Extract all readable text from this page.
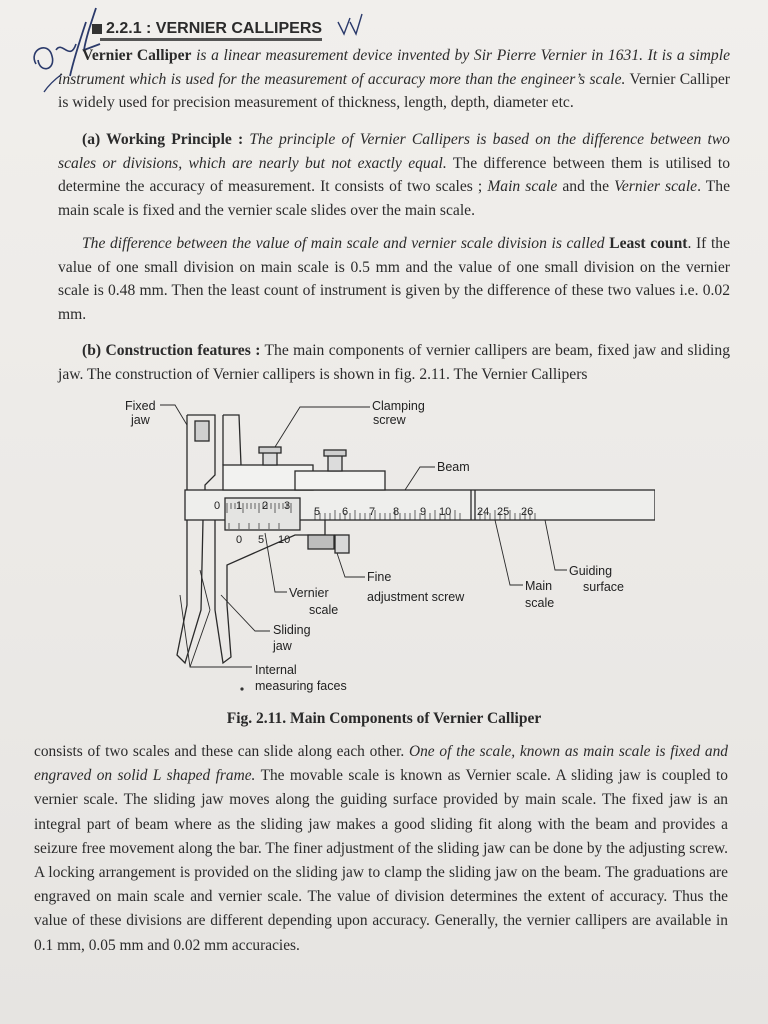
2.2.1 : VERNIER CALLIPERS
Vernier Calliper is a linear measurement device invented by Sir Pierre Vernier in 1631. It is a simple instrument which is used for the measurement of accuracy more than the engineer’s scale. Vernier Calliper is widely used for precision measurement of thickness, length, depth, diameter etc.
(a) Working Principle : The principle of Vernier Callipers is based on the difference between two scales or divisions, which are nearly but not exactly equal. The difference between them is utilised to determine the accuracy of measurement. It consists of two scales ; Main scale and the Vernier scale. The main scale is fixed and the vernier scale slides over the main scale.
The difference between the value of main scale and vernier scale division is called Least count. If the value of one small division on main scale is 0.5 mm and the value of one small division on the vernier scale is 0.48 mm. Then the least count of instrument is given by the difference of these two values i.e. 0.02 mm.
(b) Construction features : The main components of vernier callipers are beam, fixed jaw and sliding jaw. The construction of Vernier callipers is shown in fig. 2.11. The Vernier Callipers
Fixed
jaw
Clamping
screw
Beam
0 1 2 3 5 6 7 8 9 10 24 25 26
0 5 10
Fine
adjustment screw
Vernier
scale
Main
scale
Guiding
surface
Sliding
jaw
Internal
measuring faces
Fig. 2.11. Main Components of Vernier Calliper
consists of two scales and these can slide along each other. One of the scale, known as main scale is fixed and engraved on solid L shaped frame. The movable scale is known as Vernier scale. A sliding jaw is coupled to vernier scale. The sliding jaw moves along the guiding surface provided by main scale. The fixed jaw is an integral part of beam where as the sliding jaw makes a good sliding fit along with the beam and provides a seizure free movement along the bar. The finer adjustment of the sliding jaw can be done by the adjusting screw. A locking arrangement is provided on the sliding jaw to clamp the sliding jaw on the beam. The graduations are engraved on main scale and vernier scale. The value of division determines the extent of accuracy. Thus the value of these divisions are different depending upon accuracy. Generally, the vernier callipers are available in 0.1 mm, 0.05 mm and 0.02 mm accuracies.
